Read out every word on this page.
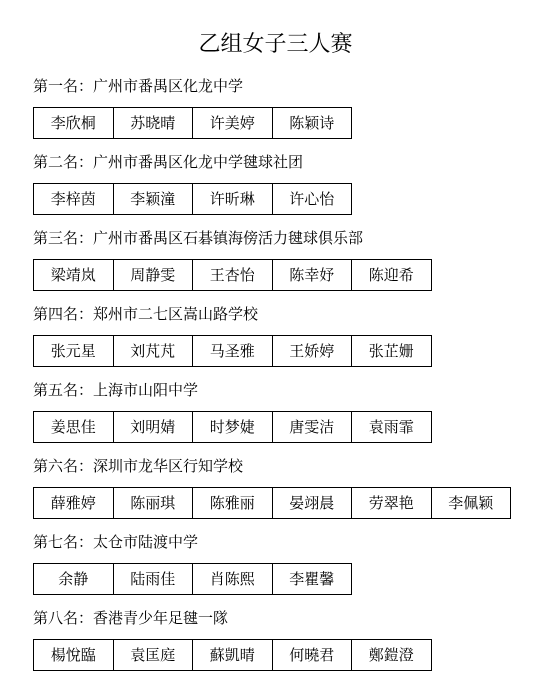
乙组女子三人赛
第一名：广州市番禺区化龙中学
李欣桐	苏晓晴	许美婷	陈颖诗
第二名：广州市番禺区化龙中学毽球社团
李梓茵	李颖潼	许昕琳	许心怡
第三名：广州市番禺区石碁镇海傍活力毽球俱乐部
梁靖岚	周静雯	王杏怡	陈幸妤	陈迎希
第四名：郑州市二七区嵩山路学校
张元星	刘芃芃	马圣雅	王娇婷	张芷姗
第五名：上海市山阳中学
姜思佳	刘明婧	时梦婕	唐雯洁	袁雨霏
第六名：深圳市龙华区行知学校
薛雅婷	陈丽琪	陈雅丽	晏翊晨	劳翠艳	李佩颖
第七名：太仓市陆渡中学
余静	陆雨佳	肖陈熙	李瞿馨
第八名：香港青少年足毽一隊
楊悅臨	袁匡庭	蘇凱晴	何曉君	鄭鎧澄
